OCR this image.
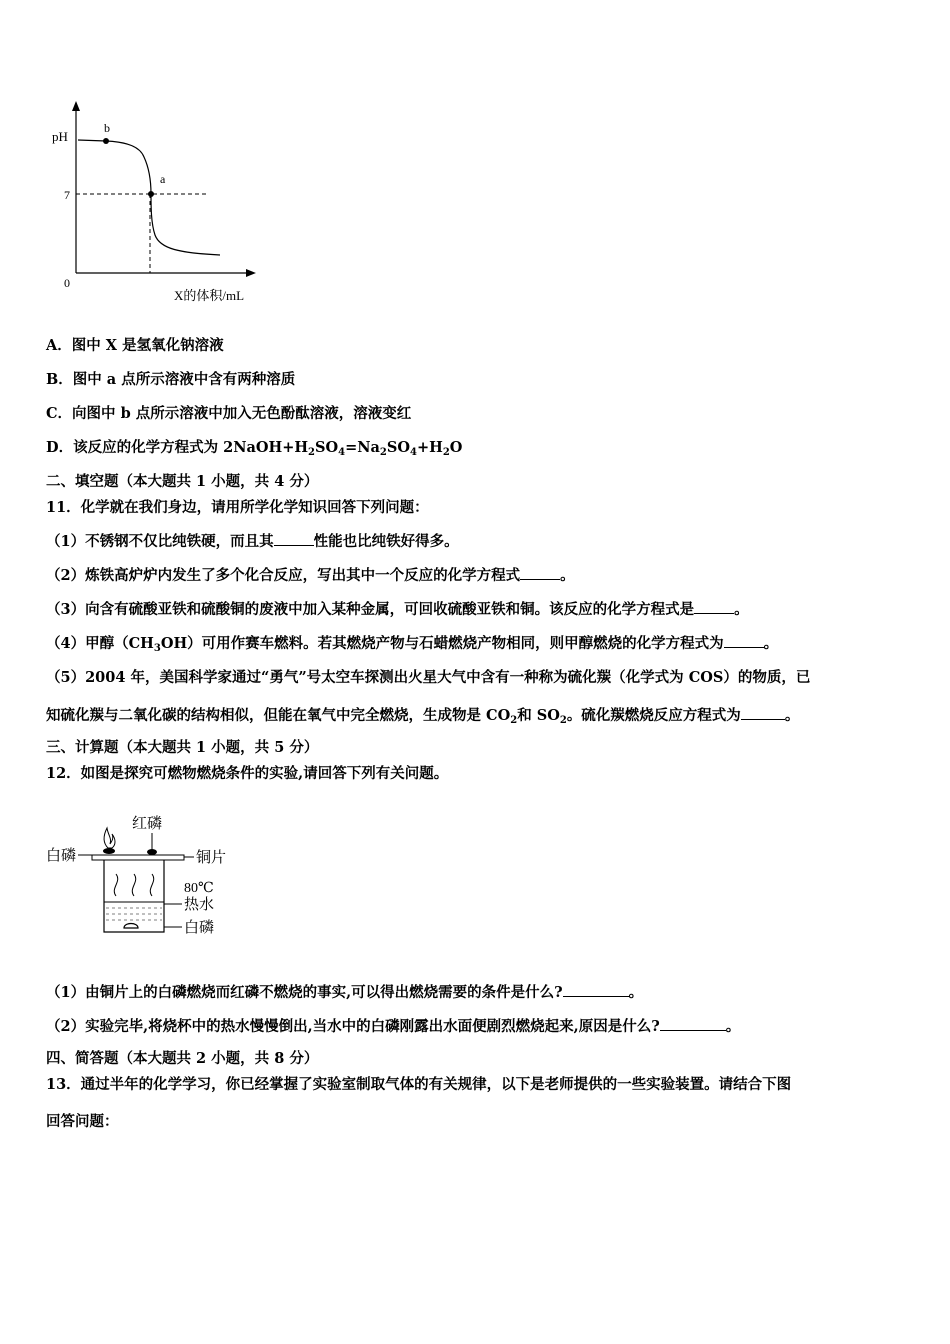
pH
7
0
b
a
X的体积/mL
A．图中 X 是氢氧化钠溶液
B．图中 a 点所示溶液中含有两种溶质
C．向图中 b 点所示溶液中加入无色酚酞溶液，溶液变红
D．该反应的化学方程式为 $2NaOH+H_2SO_4=Na_2SO_4+H_2O$
二、填空题（本大题共 1 小题，共 4 分）
11．化学就在我们身边，请用所学化学知识回答下列问题：
（1）不锈钢不仅比纯铁硬，而且其	性能也比纯铁好得多。
（2）炼铁高炉炉内发生了多个化合反应，写出其中一个反应的化学方程式	。
（3）向含有硫酸亚铁和硫酸铜的废液中加入某种金属，可回收硫酸亚铁和铜。该反应的化学方程式是	。
（4）甲醇$(CH_3OH)$可用作赛车燃料。若其燃烧产物与石蜡燃烧产物相同，则甲醇燃烧的化学方程式为	。
（5）2004 年，美国科学家通过“勇气”号太空车探测出火星大气中含有一种称为硫化羰（化学式为 COS）的物质，已
知硫化羰与二氧化碳的结构相似，但能在氧气中完全燃烧，生成物是 $CO_2$和 $SO_2$。硫化羰燃烧反应方程式为	。
三、计算题（本大题共 1 小题，共 5 分）
12．如图是探究可燃物燃烧条件的实验,请回答下列有关问题。
红磷
白磷	铜片
80℃
热水
白磷
（1）由铜片上的白磷燃烧而红磷不燃烧的事实,可以得出燃烧需要的条件是什么?	。
（2）实验完毕,将烧杯中的热水慢慢倒出,当水中的白磷刚露出水面便剧烈燃烧起来,原因是什么?	。
四、简答题（本大题共 2 小题，共 8 分）
13．通过半年的化学学习，你已经掌握了实验室制取气体的有关规律，以下是老师提供的一些实验装置。请结合下图
回答问题：
